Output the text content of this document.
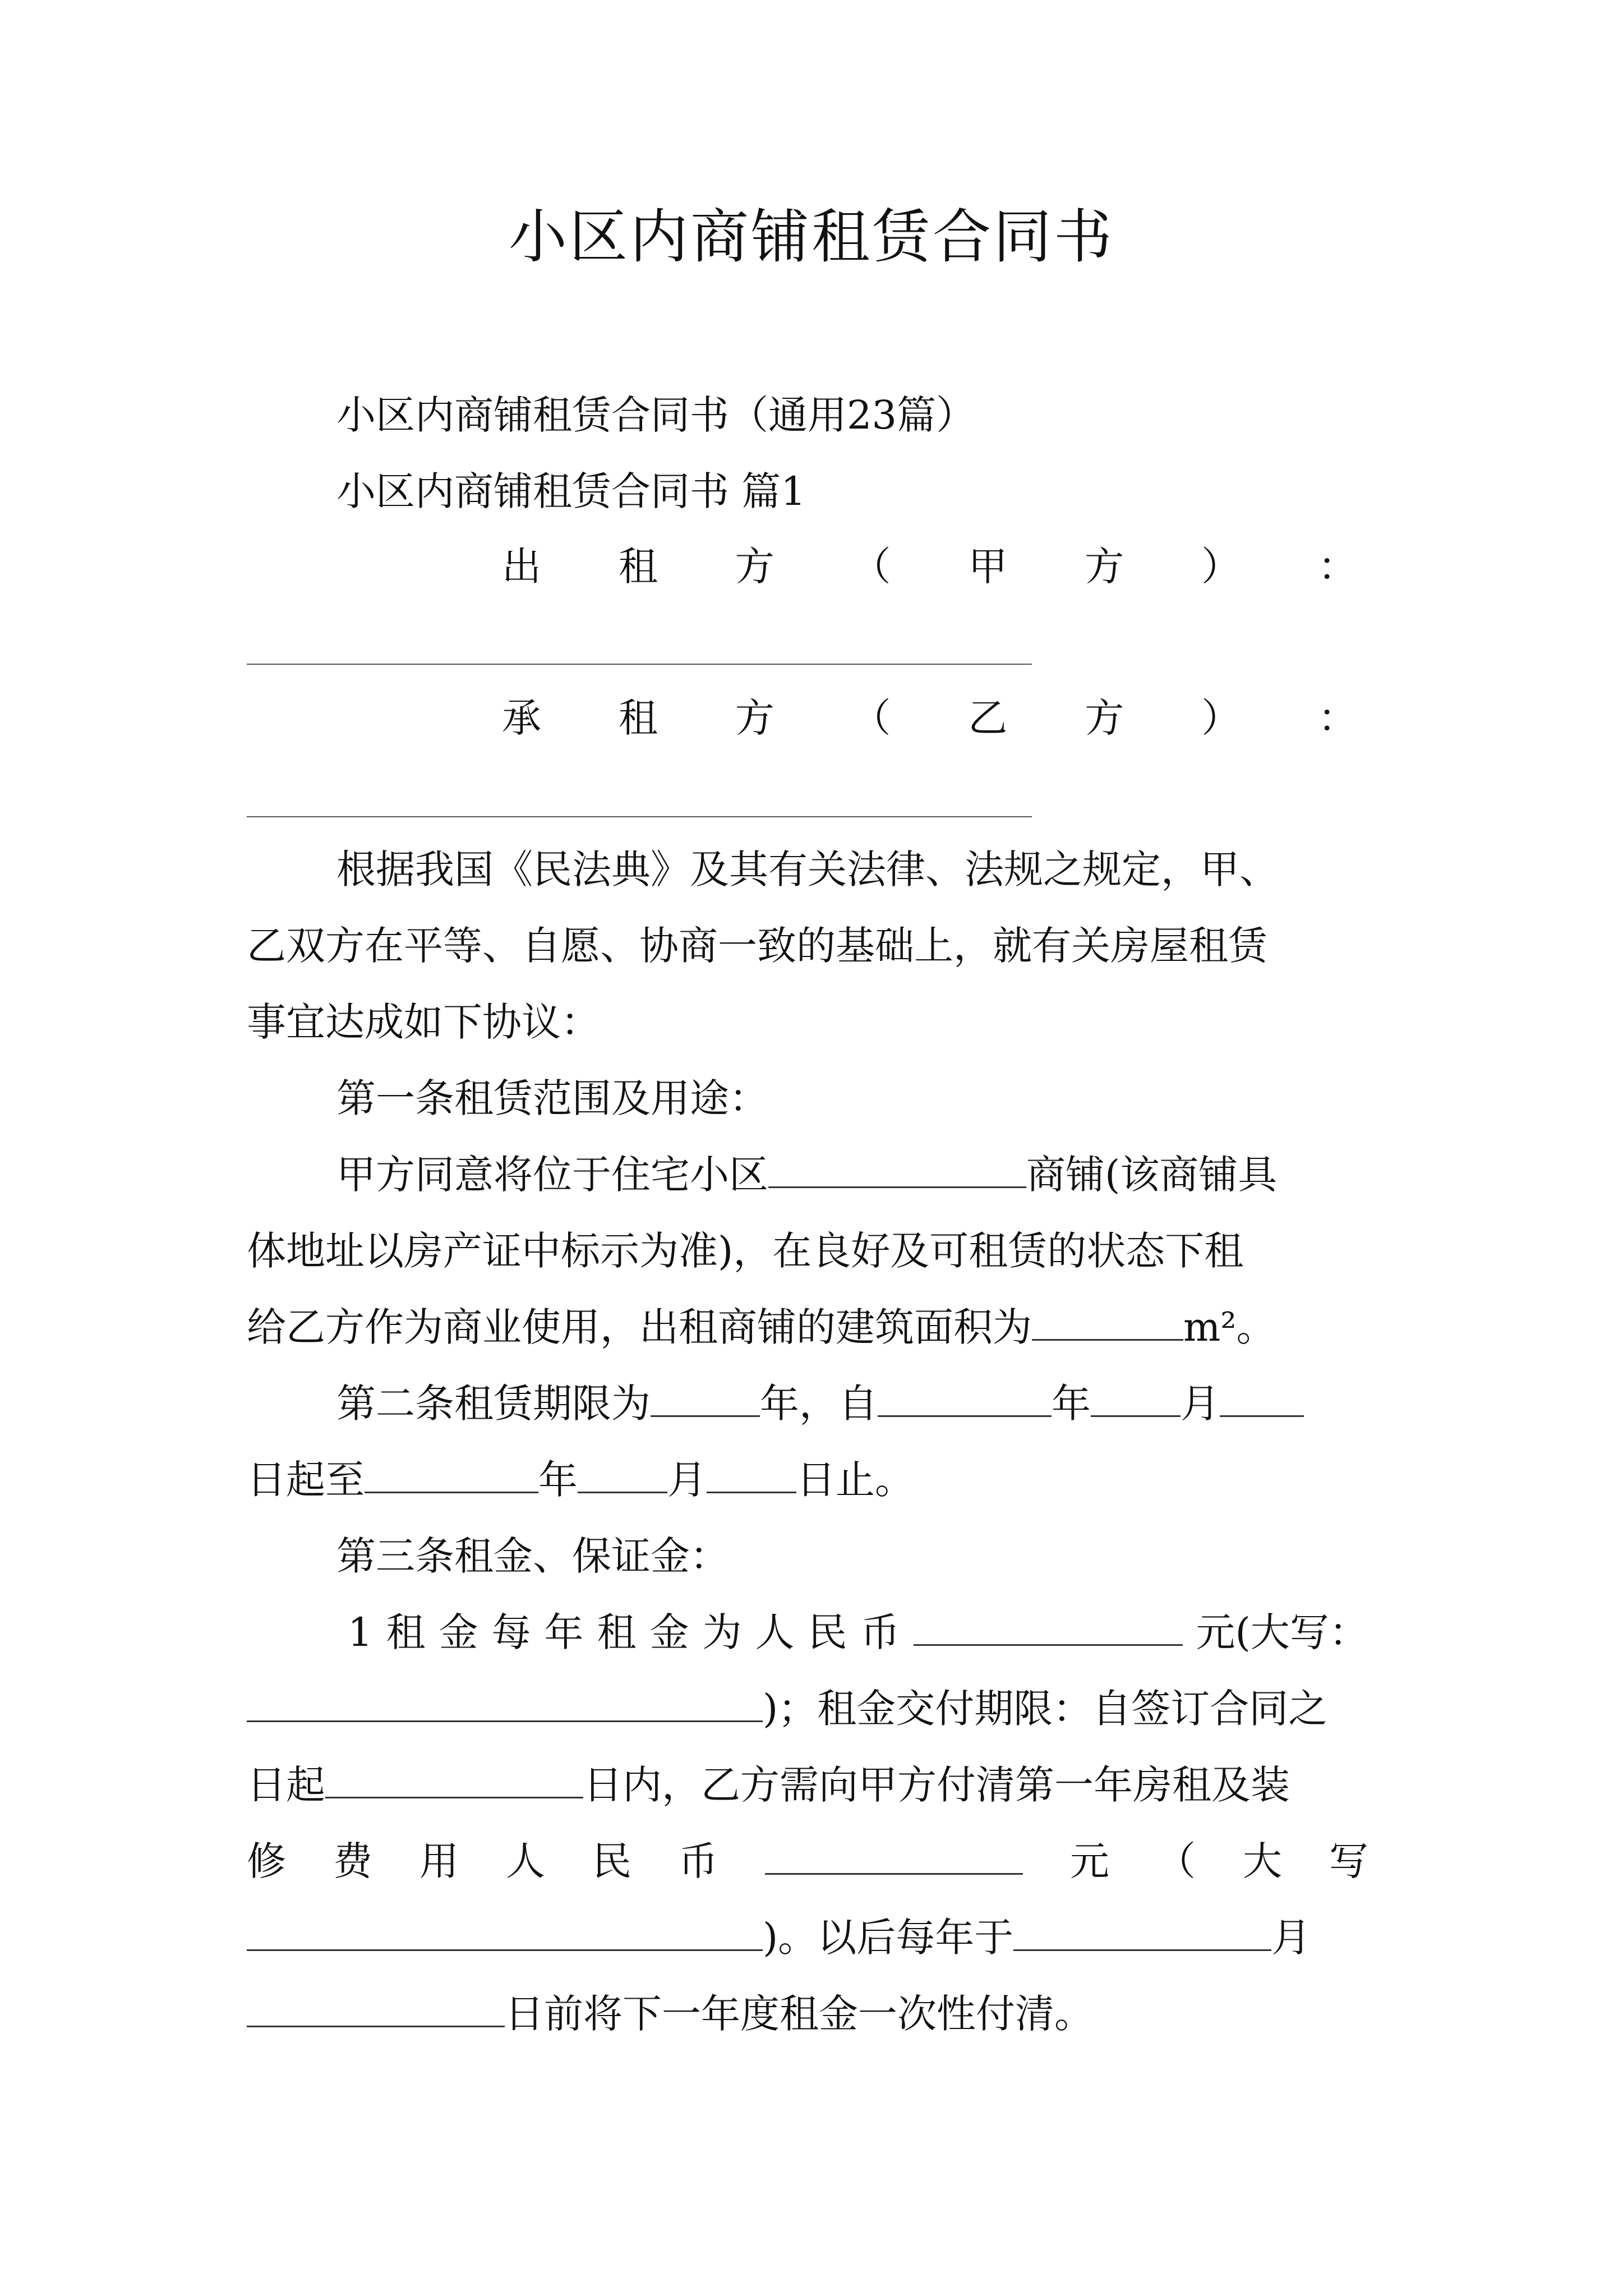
小区内商铺租赁合同书
小区内商铺租赁合同书（通用23篇）
小区内商铺租赁合同书 篇1
出 租 方 （ 甲 方 ） ：
承 租 方 （ 乙 方 ） ：
根据我国《民法典》及其有关法律、法规之规定，甲、
乙双方在平等、自愿、协商一致的基础上，就有关房屋租赁
事宜达成如下协议：
第一条租赁范围及用途：
甲方同意将位于住宅小区	商铺(该商铺具
体地址以房产证中标示为准)，在良好及可租赁的状态下租
给乙方作为商业使用，出租商铺的建筑面积为	m²。
第二条租赁期限为	年，自	年 月
日起至	年 月 日止。
第三条租金、保证金：
1 租 金 每 年 租 金 为 人 民 币	元(大写：
)；租金交付期限：自签订合同之
日起	日内，乙方需向甲方付清第一年房租及装
修 费 用 人 民 币	元 （ 大 写
)。以后每年于	月
日前将下一年度租金一次性付清。
